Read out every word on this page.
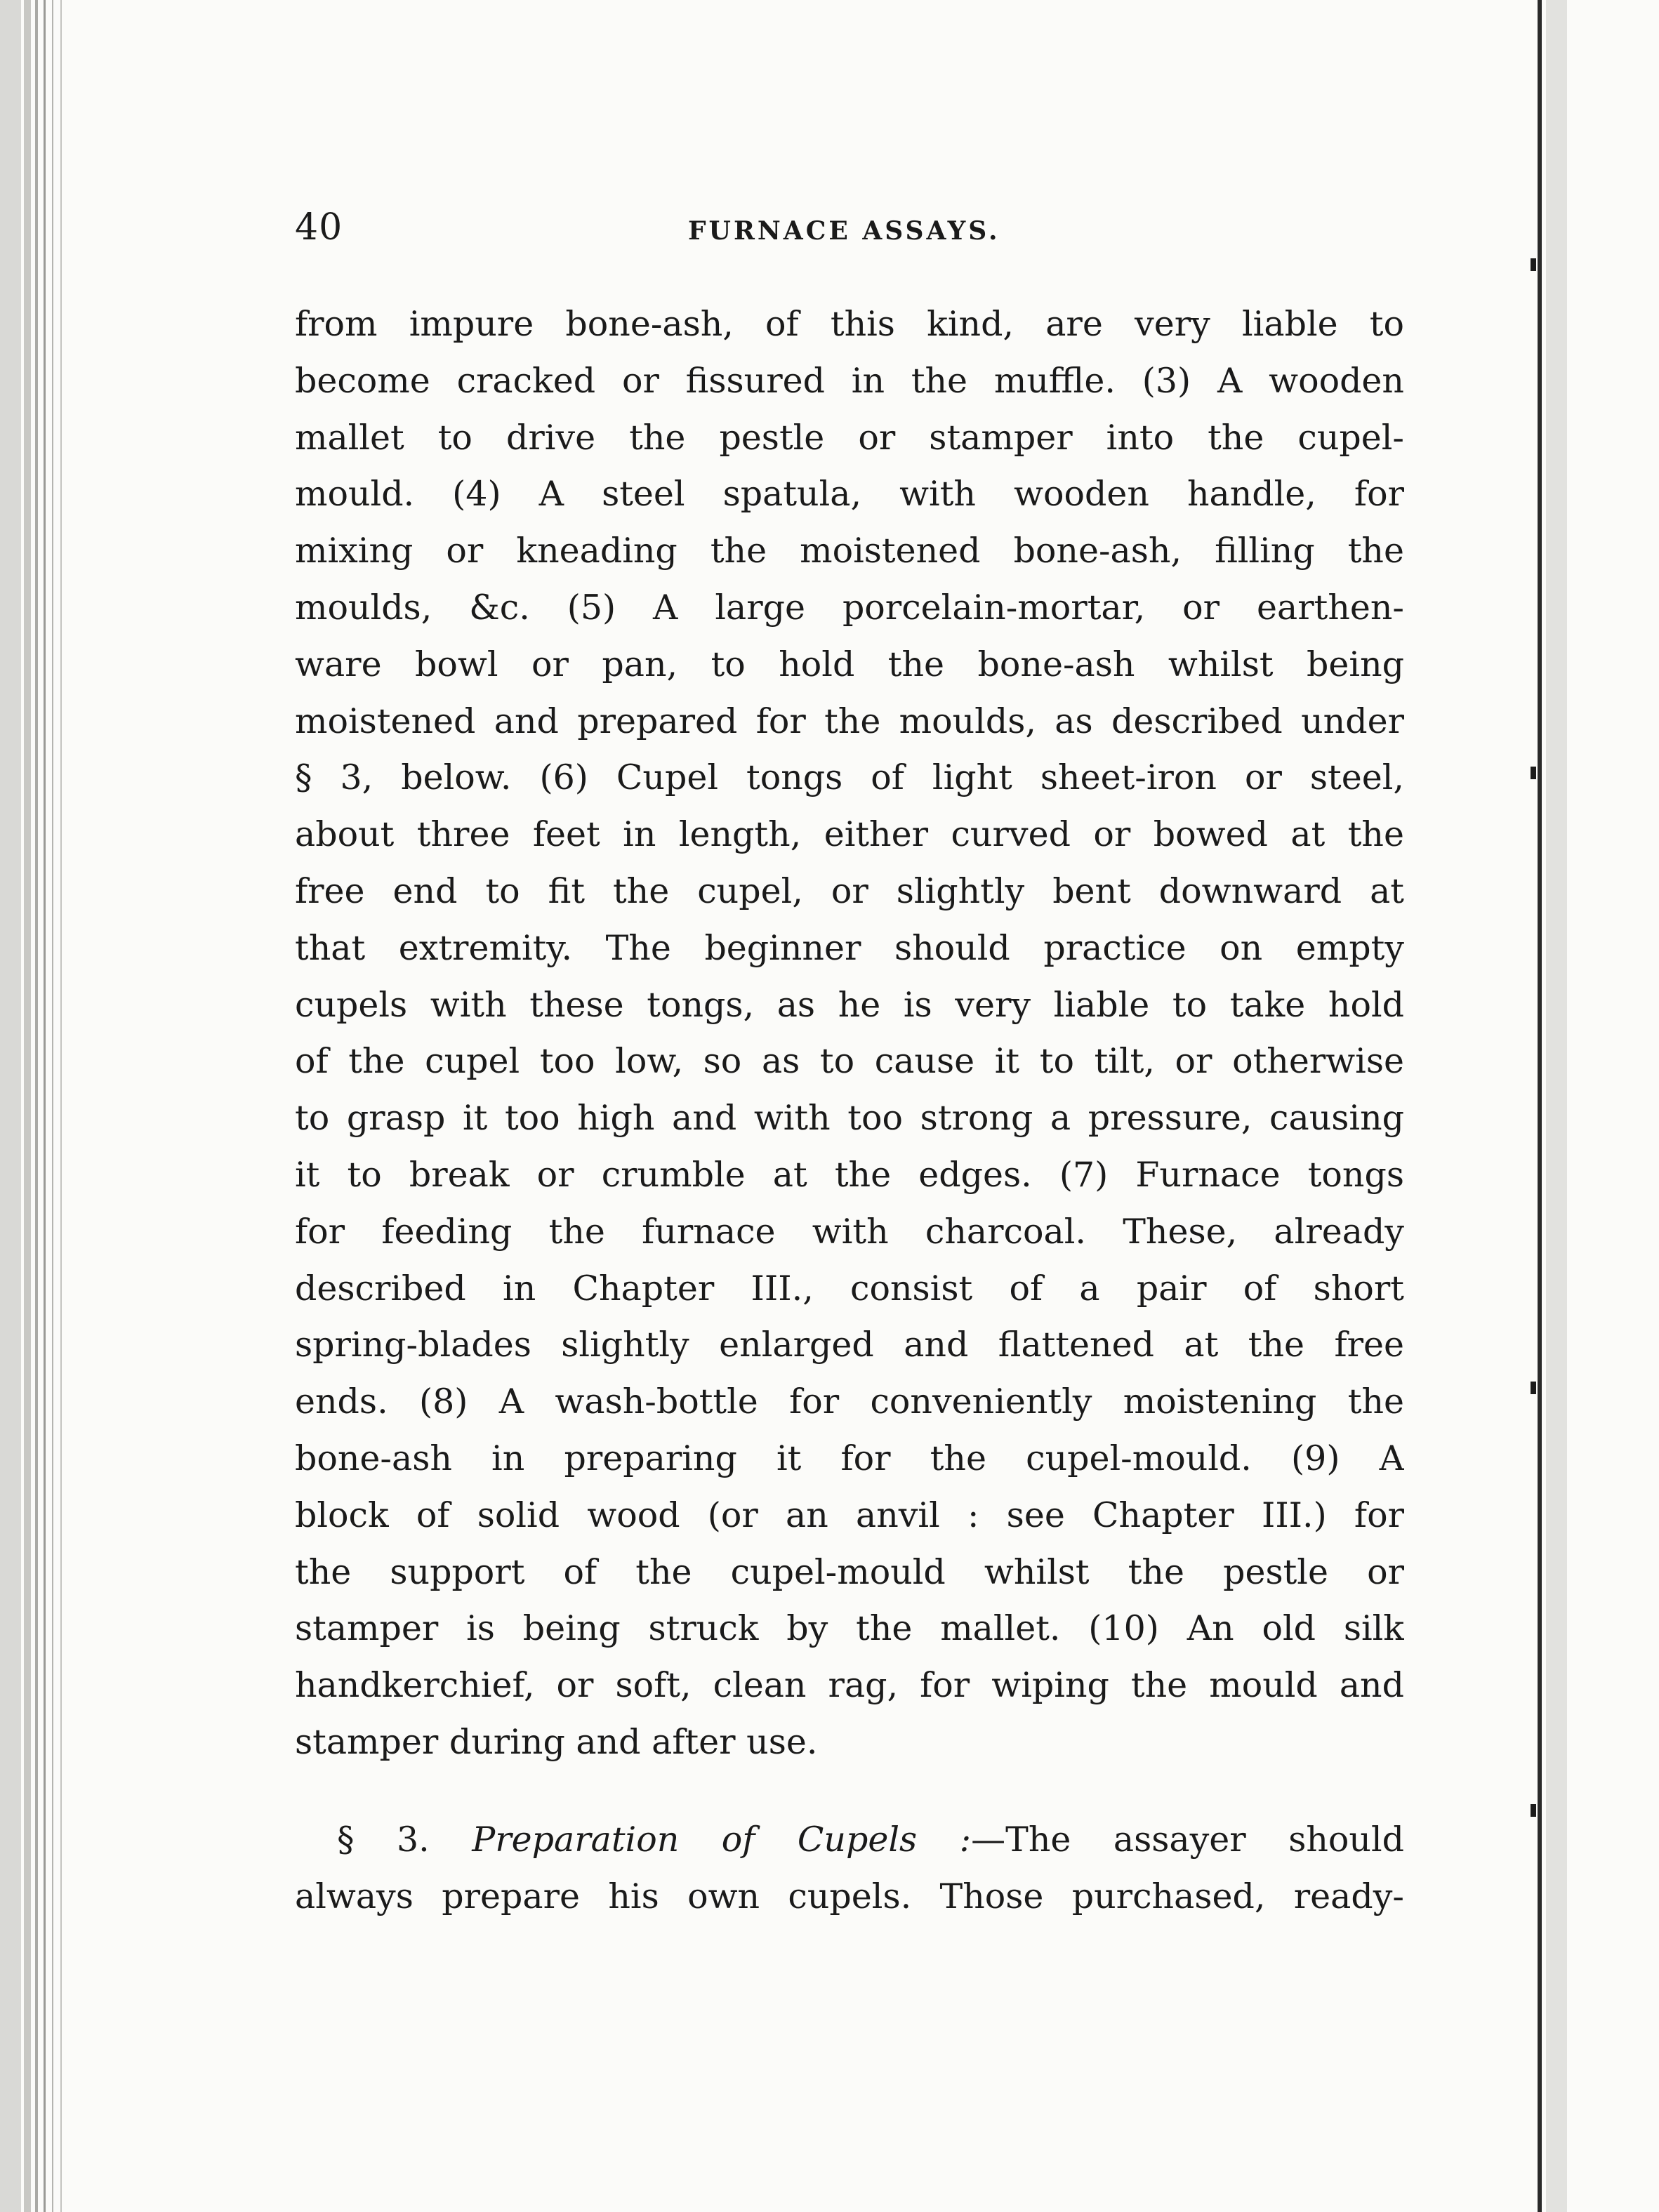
40	FURNACE ASSAYS.
from impure bone-ash, of this kind, are very liable to
become cracked or fissured in the muffle. (3) A wooden
mallet to drive the pestle or stamper into the cupel-
mould. (4) A steel spatula, with wooden handle, for
mixing or kneading the moistened bone-ash, filling the
moulds, &c. (5) A large porcelain-mortar, or earthen-
ware bowl or pan, to hold the bone-ash whilst being
moistened and prepared for the moulds, as described under
§ 3, below. (6) Cupel tongs of light sheet-iron or steel,
about three feet in length, either curved or bowed at the
free end to fit the cupel, or slightly bent downward at
that extremity. The beginner should practice on empty
cupels with these tongs, as he is very liable to take hold
of the cupel too low, so as to cause it to tilt, or otherwise
to grasp it too high and with too strong a pressure, causing
it to break or crumble at the edges. (7) Furnace tongs
for feeding the furnace with charcoal. These, already
described in Chapter III., consist of a pair of short
spring-blades slightly enlarged and flattened at the free
ends. (8) A wash-bottle for conveniently moistening the
bone-ash in preparing it for the cupel-mould. (9) A
block of solid wood (or an anvil : see Chapter III.) for
the support of the cupel-mould whilst the pestle or
stamper is being struck by the mallet. (10) An old silk
handkerchief, or soft, clean rag, for wiping the mould and
stamper during and after use.
§ 3. Preparation of Cupels :—The assayer should
always prepare his own cupels. Those purchased, ready-
